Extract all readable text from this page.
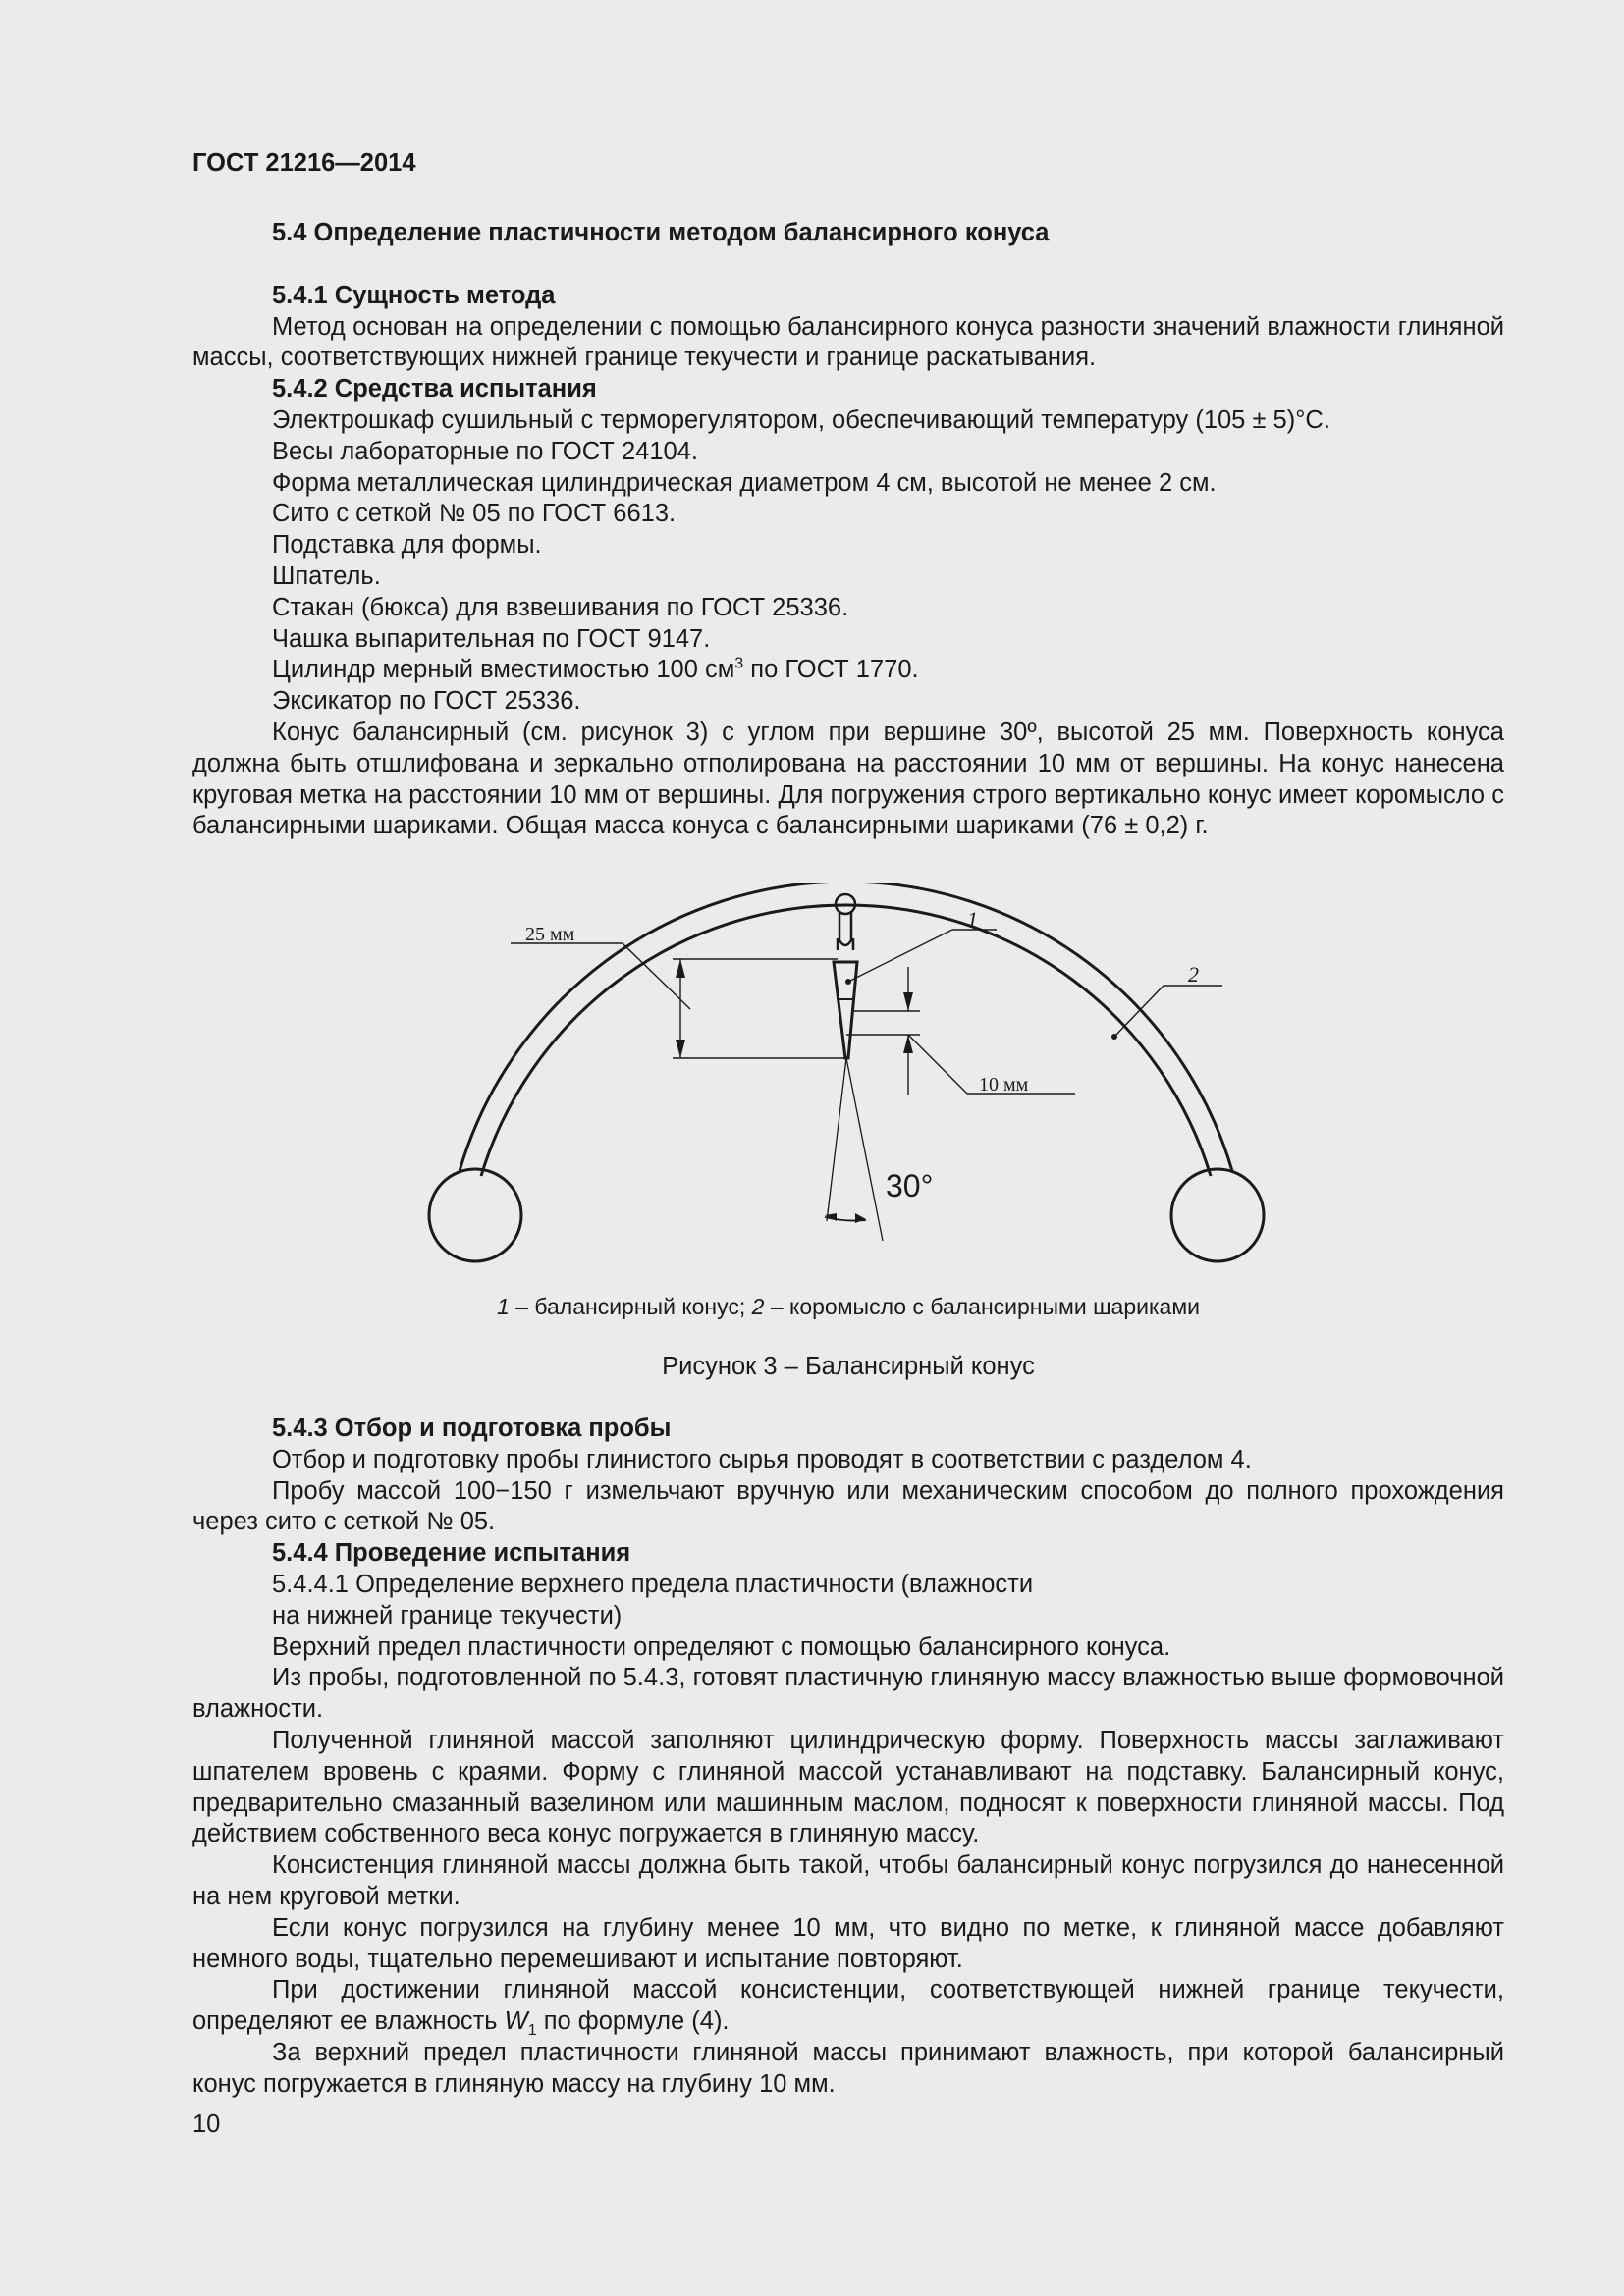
ГОСТ 21216—2014

5.4 Определение пластичности методом балансирного конуса

5.4.1 Сущность метода

Метод основан на определении с помощью балансирного конуса разности значений влажности глиняной массы, соответствующих нижней границе текучести и границе раскатывания.

5.4.2 Средства испытания

Электрошкаф сушильный с терморегулятором, обеспечивающий температуру (105 ± 5)°С.

Весы лабораторные по ГОСТ 24104.

Форма металлическая цилиндрическая диаметром 4 см, высотой не менее 2 см.

Сито с сеткой № 05 по ГОСТ 6613.

Подставка для формы.

Шпатель.

Стакан (бюкса) для взвешивания по ГОСТ 25336.

Чашка выпарительная по ГОСТ 9147.

Цилиндр мерный вместимостью 100 $см^3$ по ГОСТ 1770.

Эксикатор по ГОСТ 25336.

Конус балансирный (см. рисунок 3) с углом при вершине 30º, высотой 25 мм. Поверхность конуса должна быть отшлифована и зеркально отполирована на расстоянии 10 мм от вершины. На конус нанесена круговая метка на расстоянии 10 мм от вершины. Для погружения строго вертикально конус имеет коромысло с балансирными шариками. Общая масса конуса с балансирными шариками (76 ± 0,2) г.

25 мм
10 мм
1
2
30°
1 – балансирный конус; 2 – коромысло с балансирными шариками
Рисунок 3 – Балансирный конус

5.4.3 Отбор и подготовка пробы

Отбор и подготовку пробы глинистого сырья проводят в соответствии с разделом 4.

Пробу массой 100−150 г измельчают вручную или механическим способом до полного прохождения через сито с сеткой № 05.

5.4.4 Проведение испытания

5.4.4.1 Определение верхнего предела пластичности (влажности

на нижней границе текучести)

Верхний предел пластичности определяют с помощью балансирного конуса.

Из пробы, подготовленной по 5.4.3, готовят пластичную глиняную массу влажностью выше формовочной влажности.

Полученной глиняной массой заполняют цилиндрическую форму. Поверхность массы заглаживают шпателем вровень с краями. Форму с глиняной массой устанавливают на подставку. Балансирный конус, предварительно смазанный вазелином или машинным маслом, подносят к поверхности глиняной массы. Под действием собственного веса конус погружается в глиняную массу.

Консистенция глиняной массы должна быть такой, чтобы балансирный конус погрузился до нанесенной на нем круговой метки.

Если конус погрузился на глубину менее 10 мм, что видно по метке, к глиняной массе добавляют немного воды, тщательно перемешивают и испытание повторяют.

При достижении глиняной массой консистенции, соответствующей нижней границе текучести, определяют ее влажность $W_1$ по формуле (4).

За верхний предел пластичности глиняной массы принимают влажность, при которой балансирный конус погружается в глиняную массу на глубину 10 мм.

10
